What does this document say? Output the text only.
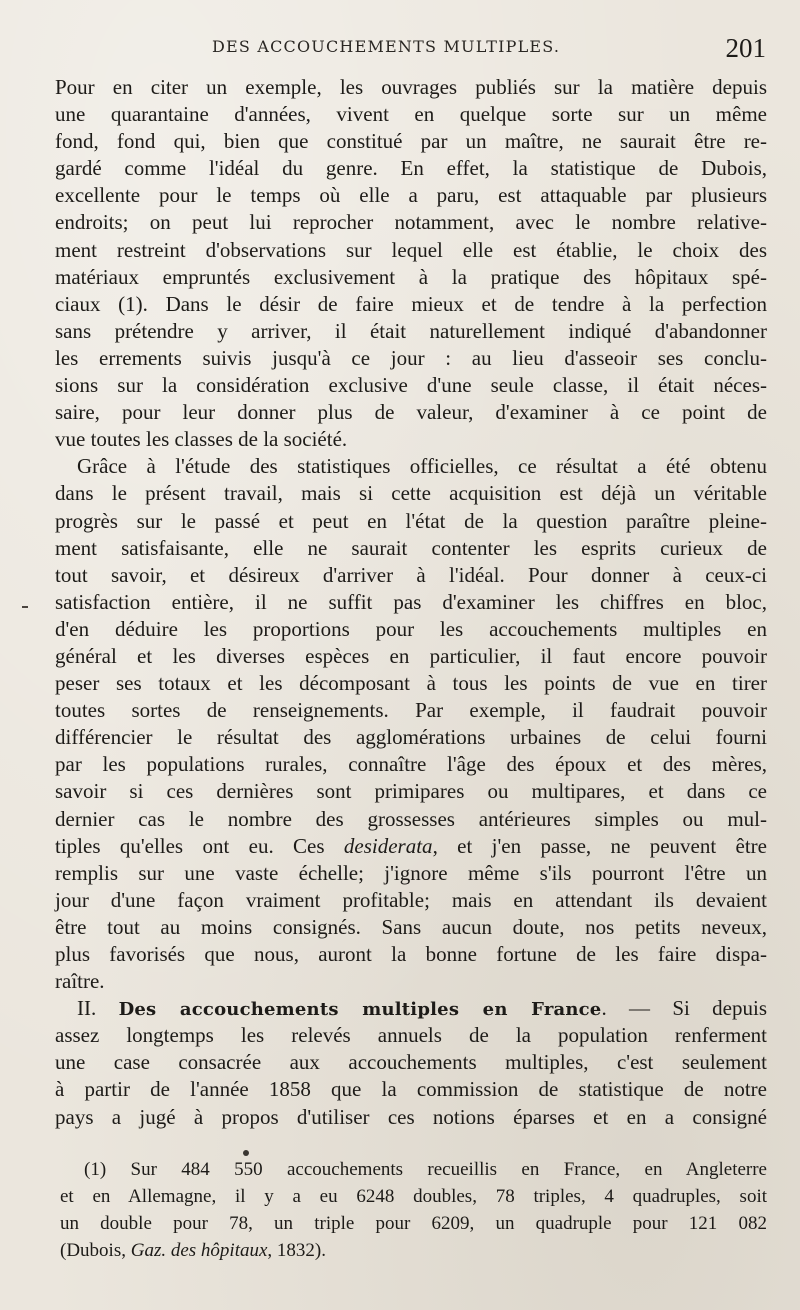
DES ACCOUCHEMENTS MULTIPLES.	201

Pour en citer un exemple, les ouvrages publiés sur la matière depuis
une quarantaine d'années, vivent en quelque sorte sur un même
fond, fond qui, bien que constitué par un maître, ne saurait être re-
gardé comme l'idéal du genre. En effet, la statistique de Dubois,
excellente pour le temps où elle a paru, est attaquable par plusieurs
endroits; on peut lui reprocher notamment, avec le nombre relative-
ment restreint d'observations sur lequel elle est établie, le choix des
matériaux empruntés exclusivement à la pratique des hôpitaux spé-
ciaux (1). Dans le désir de faire mieux et de tendre à la perfection
sans prétendre y arriver, il était naturellement indiqué d'abandonner
les errements suivis jusqu'à ce jour : au lieu d'asseoir ses conclu-
sions sur la considération exclusive d'une seule classe, il était néces-
saire, pour leur donner plus de valeur, d'examiner à ce point de
vue toutes les classes de la société.

Grâce à l'étude des statistiques officielles, ce résultat a été obtenu
dans le présent travail, mais si cette acquisition est déjà un véritable
progrès sur le passé et peut en l'état de la question paraître pleine-
ment satisfaisante, elle ne saurait contenter les esprits curieux de
tout savoir, et désireux d'arriver à l'idéal. Pour donner à ceux-ci
satisfaction entière, il ne suffit pas d'examiner les chiffres en bloc,
d'en déduire les proportions pour les accouchements multiples en
général et les diverses espèces en particulier, il faut encore pouvoir
peser ses totaux et les décomposant à tous les points de vue en tirer
toutes sortes de renseignements. Par exemple, il faudrait pouvoir
différencier le résultat des agglomérations urbaines de celui fourni
par les populations rurales, connaître l'âge des époux et des mères,
savoir si ces dernières sont primipares ou multipares, et dans ce
dernier cas le nombre des grossesses antérieures simples ou mul-
tiples qu'elles ont eu. Ces desiderata, et j'en passe, ne peuvent être
remplis sur une vaste échelle; j'ignore même s'ils pourront l'être un
jour d'une façon vraiment profitable; mais en attendant ils devaient
être tout au moins consignés. Sans aucun doute, nos petits neveux,
plus favorisés que nous, auront la bonne fortune de les faire dispa-
raître.

II. Des accouchements multiples en France. — Si depuis
assez longtemps les relevés annuels de la population renferment
une case consacrée aux accouchements multiples, c'est seulement
à partir de l'année 1858 que la commission de statistique de notre
pays a jugé à propos d'utiliser ces notions éparses et en a consigné

(1) Sur 484 550 accouchements recueillis en France, en Angleterre
et en Allemagne, il y a eu 6248 doubles, 78 triples, 4 quadruples, soit
un double pour 78, un triple pour 6209, un quadruple pour 121 082
(Dubois, Gaz. des hôpitaux, 1832).
